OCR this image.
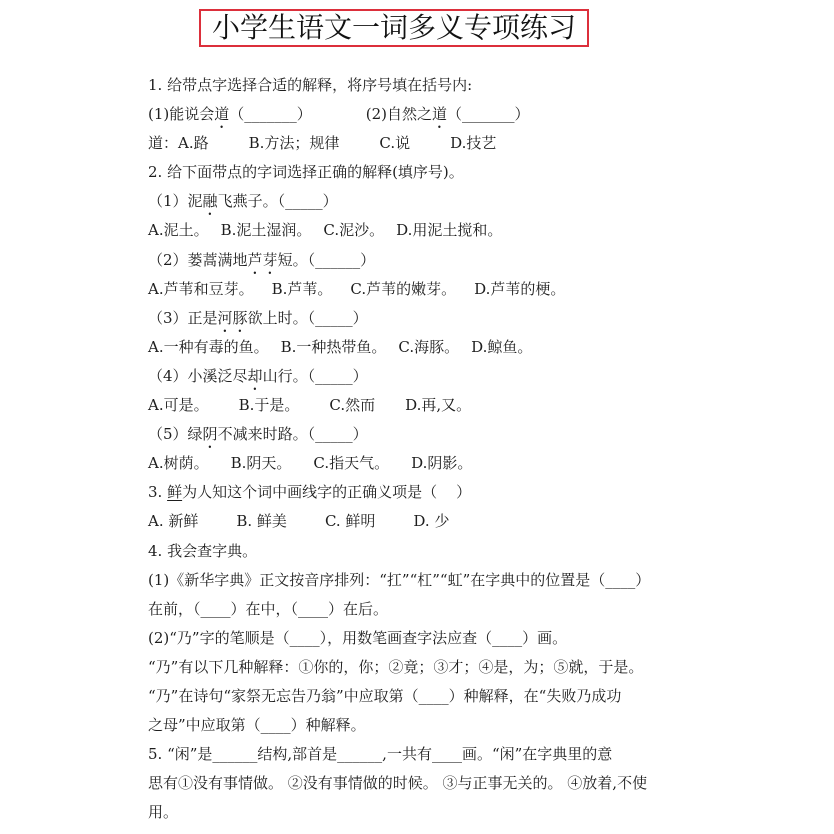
小学生语文一词多义专项练习
1. 给带点字选择合适的解释，将序号填在括号内:
(1)能说会道（_______）	(2)自然之道（_______）
道：A.路	B.方法；规律	C.说	D.技艺
2. 给下面带点的字词选择正确的解释(填序号)。
（1）泥融飞燕子。（_____）
A.泥土。 B.泥土湿润。 C.泥沙。 D.用泥土搅和。
（2）蒌蒿满地芦芽短。（______）
A.芦苇和豆芽。 B.芦苇。 C.芦苇的嫩芽。 D.芦苇的梗。
（3）正是河豚欲上时。（_____）
A.一种有毒的鱼。 B.一种热带鱼。 C.海豚。 D.鲸鱼。
（4）小溪泛尽却山行。（_____）
A.可是。 B.于是。 C.然而 D.再,又。
（5）绿阴不减来时路。（_____）
A.树荫。 B.阴天。 C.指天气。 D.阴影。
3. 鲜为人知这个词中画线字的正确义项是（    ）
A. 新鲜	B. 鲜美	C. 鲜明	D. 少
4. 我会查字典。
(1)《新华字典》正文按音序排列：“扛”“杠”“虹”在字典中的位置是（____）
在前，（____）在中，（____）在后。
(2)“乃”字的笔顺是（____），用数笔画查字法应查（____）画。
“乃”有以下几种解释：①你的，你；②竟；③才；④是，为；⑤就，于是。
“乃”在诗句“家祭无忘告乃翁”中应取第（____）种解释，在“失败乃成功
之母”中应取第（____）种解释。
5. “闲”是______结构,部首是______,一共有____画。“闲”在字典里的意
思有①没有事情做。 ②没有事情做的时候。 ③与正事无关的。 ④放着,不使
用。
